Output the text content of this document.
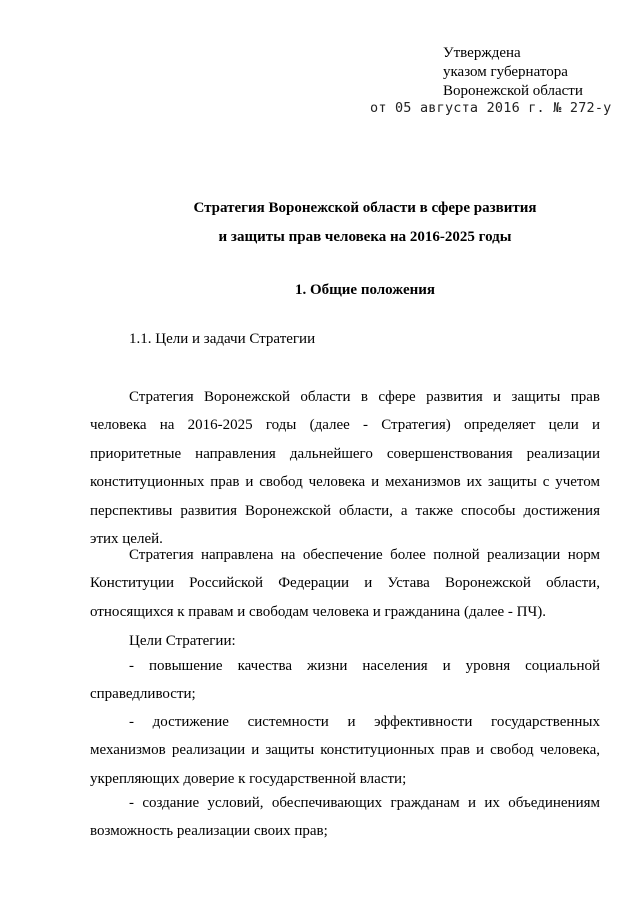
Утверждена
указом губернатора
Воронежской области
от 05 августа 2016 г. № 272-у
Стратегия Воронежской области в сфере развития
и защиты прав человека на 2016-2025 годы
1. Общие положения
1.1. Цели и задачи Стратегии

Стратегия Воронежской области в сфере развития и защиты прав человека на 2016-2025 годы (далее - Стратегия) определяет цели и приоритетные направления дальнейшего совершенствования реализации конституционных прав и свобод человека и механизмов их защиты с учетом перспективы развития Воронежской области, а также способы достижения этих целей.

Стратегия направлена на обеспечение более полной реализации норм Конституции Российской Федерации и Устава Воронежской области, относящихся к правам и свободам человека и гражданина (далее - ПЧ).

Цели Стратегии:

- повышение качества жизни населения и уровня социальной справедливости;

- достижение системности и эффективности государственных механизмов реализации и защиты конституционных прав и свобод человека, укрепляющих доверие к государственной власти;

- создание условий, обеспечивающих гражданам и их объединениям возможность реализации своих прав;
